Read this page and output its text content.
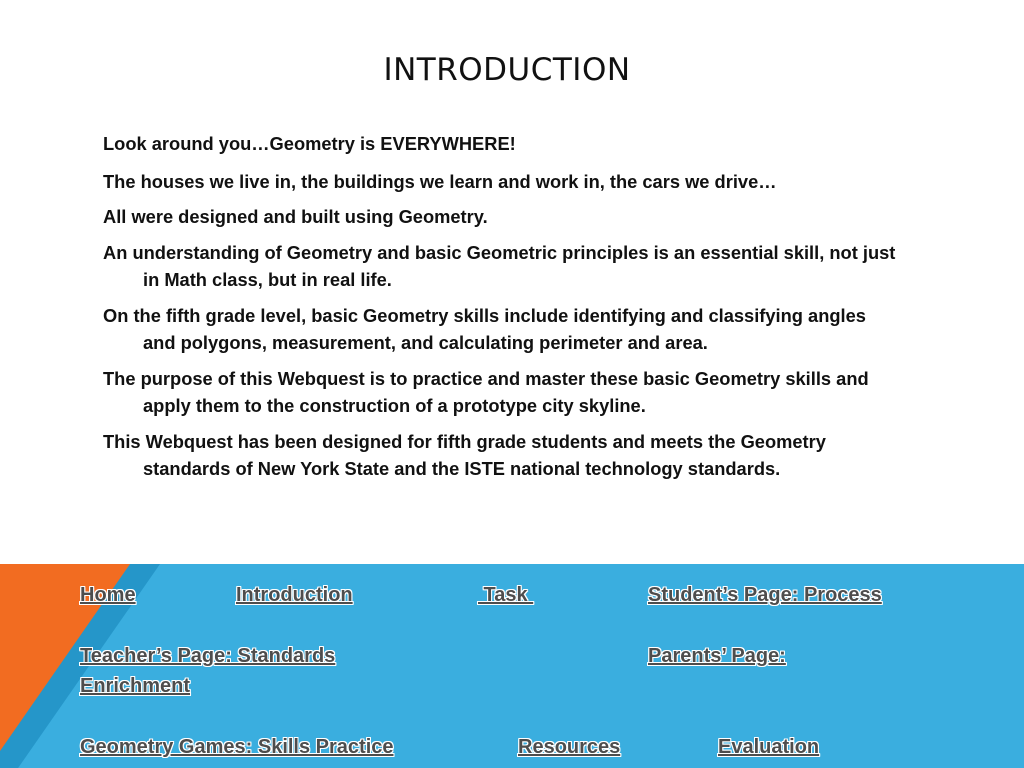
INTRODUCTION

Look around you…Geometry is EVERYWHERE!

The houses we live in, the buildings we learn and work in, the cars we drive…

All were designed and built using Geometry.

An understanding of Geometry and basic Geometric principles is an essential skill, not just in Math class, but in real life.

On the fifth grade level, basic Geometry skills include identifying and classifying angles and polygons, measurement, and calculating perimeter and area.

The purpose of this Webquest is to practice and master these basic Geometry skills and apply them to the construction of a prototype city skyline.

This Webquest has been designed for fifth grade students and meets the Geometry standards of New York State and the ISTE national technology standards.

Home	Introduction	Task	Student’s Page: Process
Teacher’s Page: Standards	Parents’ Page:
Enrichment
Geometry Games: Skills Practice	Resources	Evaluation
